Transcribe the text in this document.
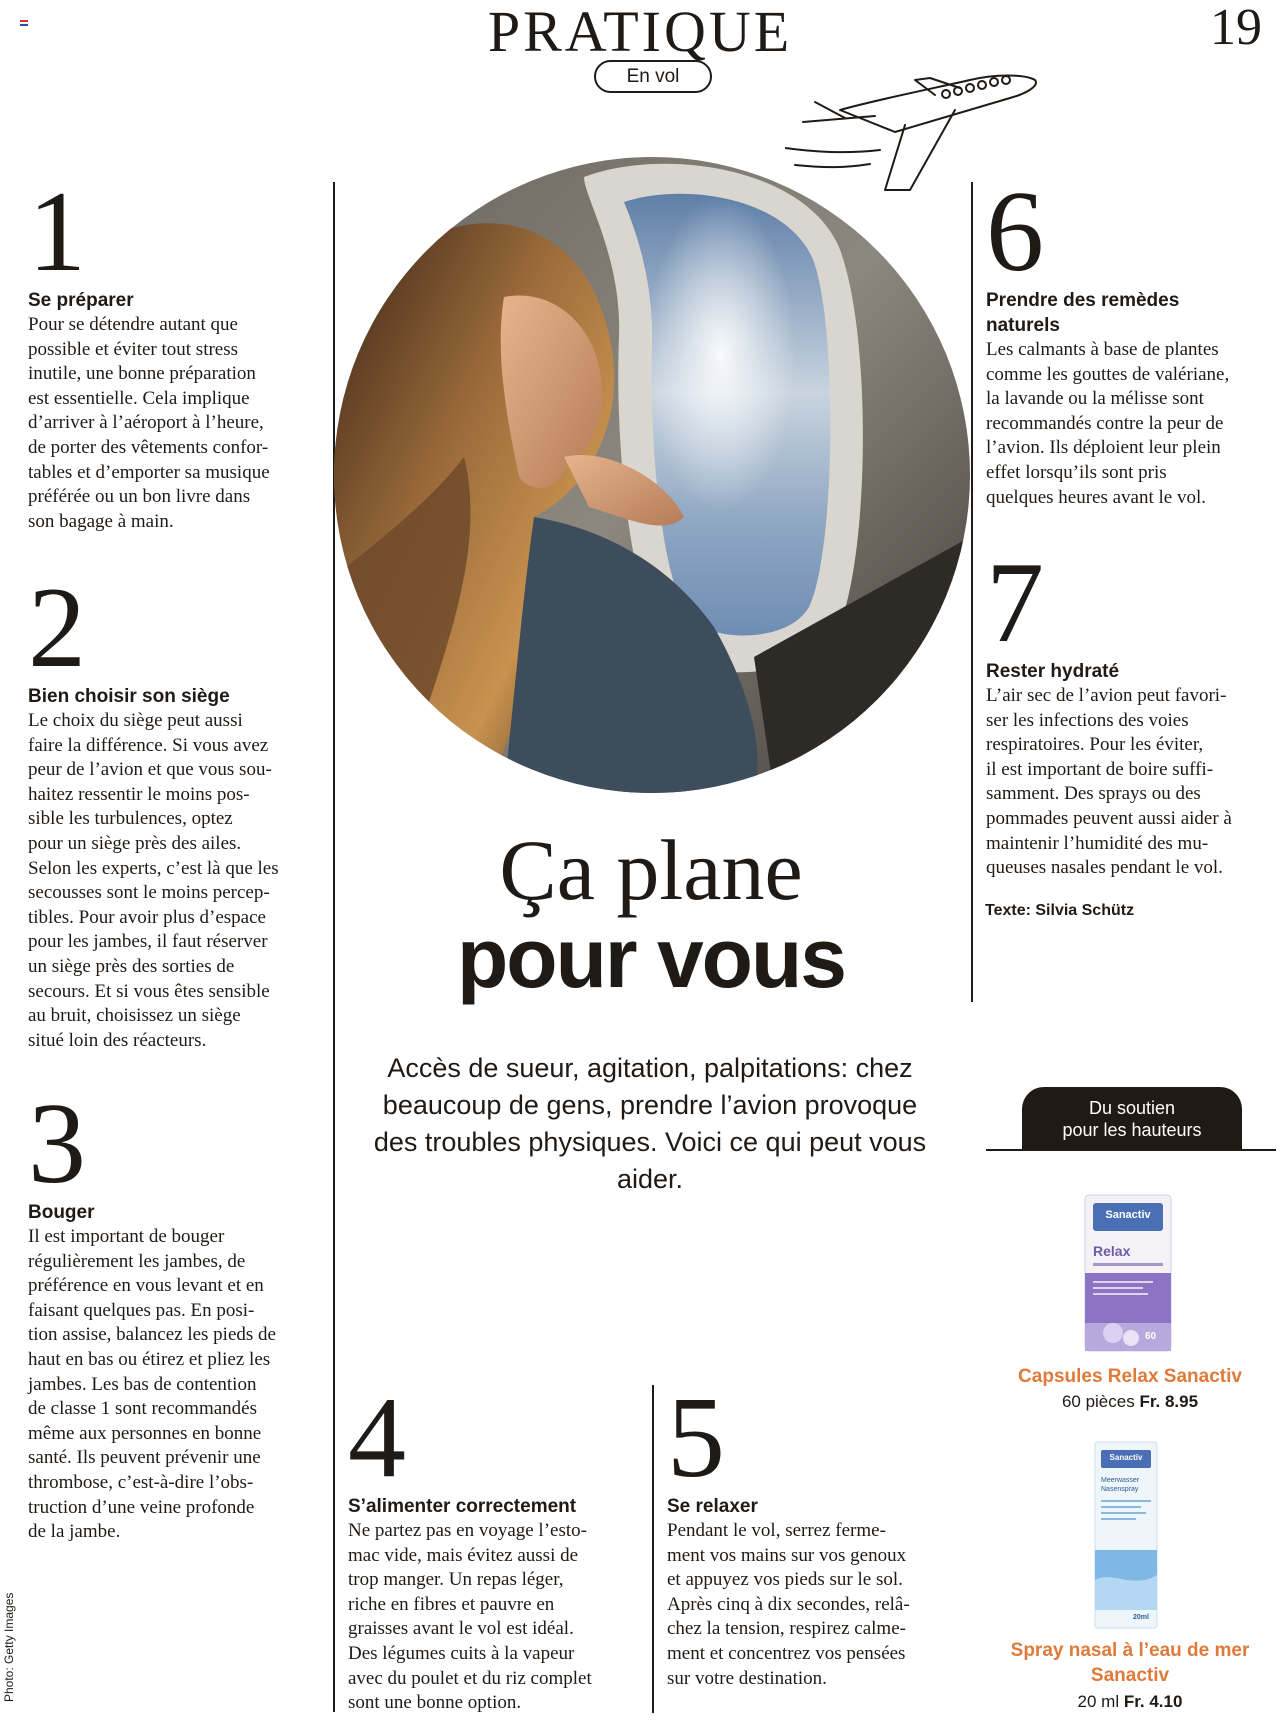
PRATIQUE
En vol
19
1
Se préparer
Pour se détendre autant que
possible et éviter tout stress
inutile, une bonne préparation
est essentielle. Cela implique
d’arriver à l’aéroport à l’heure,
de porter des vêtements confor-
tables et d’emporter sa musique
préférée ou un bon livre dans
son bagage à main.
2
Bien choisir son siège
Le choix du siège peut aussi
faire la différence. Si vous avez
peur de l’avion et que vous sou-
haitez ressentir le moins pos-
sible les turbulences, optez
pour un siège près des ailes.
Selon les experts, c’est là que les
secousses sont le moins percep-
tibles. Pour avoir plus d’espace
pour les jambes, il faut réserver
un siège près des sorties de
secours. Et si vous êtes sensible
au bruit, choisissez un siège
situé loin des réacteurs.
3
Bouger
Il est important de bouger
régulièrement les jambes, de
préférence en vous levant et en
faisant quelques pas. En posi-
tion assise, balancez les pieds de
haut en bas ou étirez et pliez les
jambes. Les bas de contention
de classe 1 sont recommandés
même aux personnes en bonne
santé. Ils peuvent prévenir une
thrombose, c’est-à-dire l’obs-
truction d’une veine profonde
de la jambe.
4
S’alimenter correctement
Ne partez pas en voyage l’esto-
mac vide, mais évitez aussi de
trop manger. Un repas léger,
riche en fibres et pauvre en
graisses avant le vol est idéal.
Des légumes cuits à la vapeur
avec du poulet et du riz complet
sont une bonne option.
5
Se relaxer
Pendant le vol, serrez ferme-
ment vos mains sur vos genoux
et appuyez vos pieds sur le sol.
Après cinq à dix secondes, relâ-
chez la tension, respirez calme-
ment et concentrez vos pensées
sur votre destination.
6
Prendre des remèdes
naturels
Les calmants à base de plantes
comme les gouttes de valériane,
la lavande ou la mélisse sont
recommandés contre la peur de
l’avion. Ils déploient leur plein
effet lorsqu’ils sont pris
quelques heures avant le vol.
7
Rester hydraté
L’air sec de l’avion peut favori-
ser les infections des voies
respiratoires. Pour les éviter,
il est important de boire suffi-
samment. Des sprays ou des
pommades peuvent aussi aider à
maintenir l’humidité des mu-
queuses nasales pendant le vol.
Texte: Silvia Schütz
Ça plane
pour vous
Accès de sueur, agitation, palpitations: chez beaucoup de gens, prendre l’avion provoque des troubles physiques. Voici ce qui peut vous aider.
Photo: Getty Images
Du soutien
pour les hauteurs
Sanactiv
Relax
60
Capsules Relax Sanactiv
60 pièces Fr. 8.95
Sanactiv
Meerwasser Nasenspray
20ml
Spray nasal à l’eau de mer
Sanactiv
20 ml Fr. 4.10
